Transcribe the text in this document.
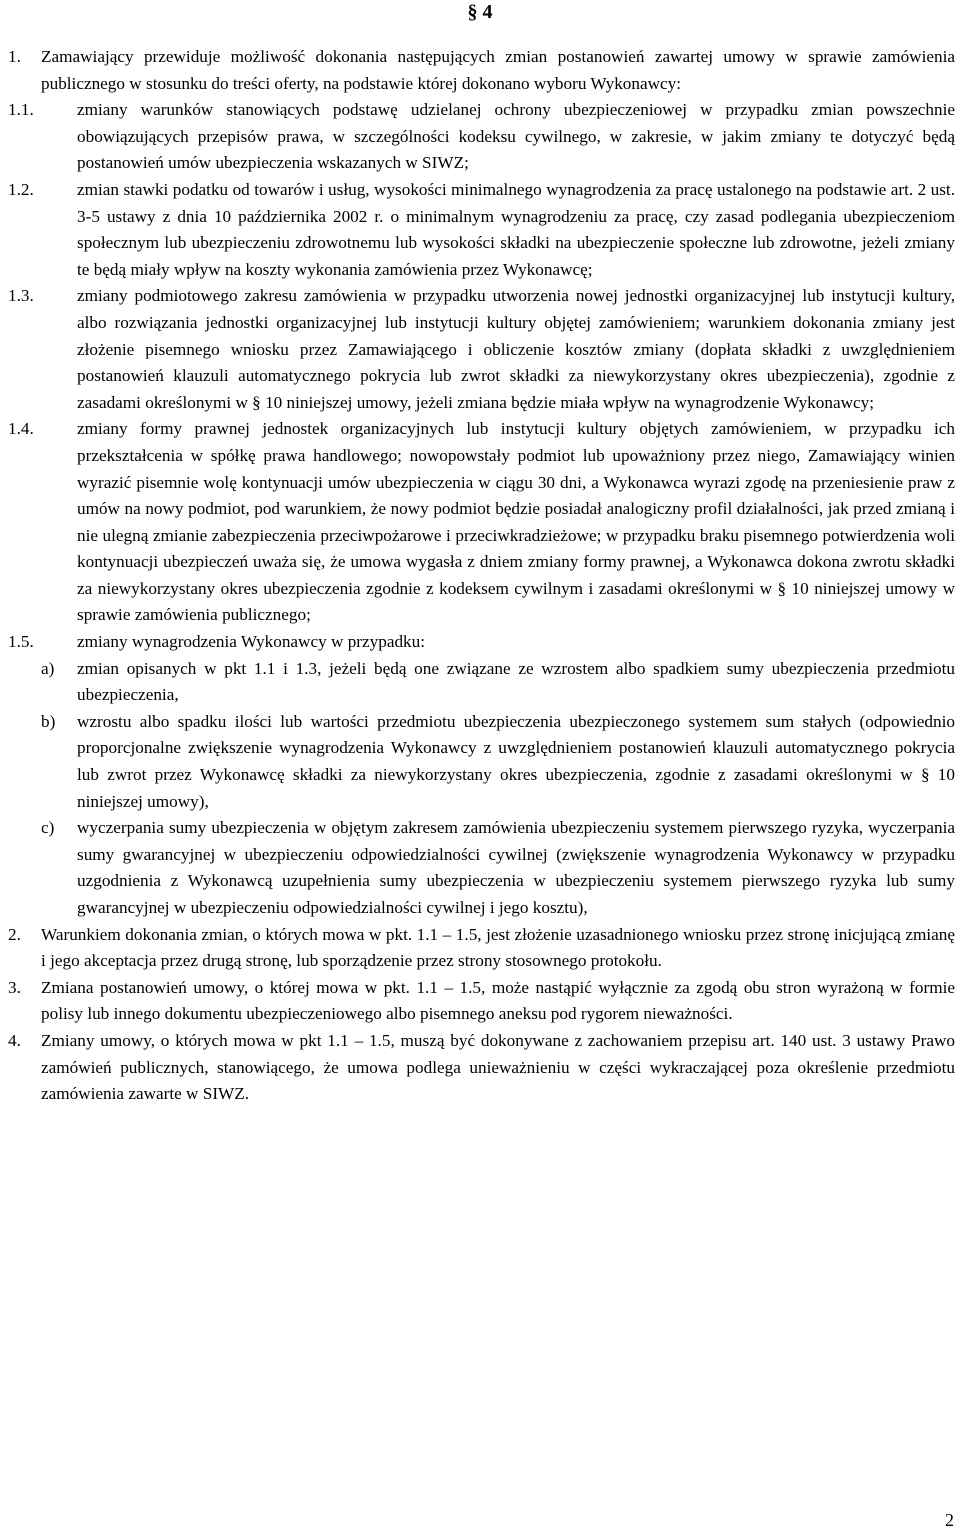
§ 4
1. Zamawiający przewiduje możliwość dokonania następujących zmian postanowień zawartej umowy w sprawie zamówienia publicznego w stosunku do treści oferty, na podstawie której dokonano wyboru Wykonawcy:
1.1.	zmiany warunków stanowiących podstawę udzielanej ochrony ubezpieczeniowej w przypadku zmian powszechnie obowiązujących przepisów prawa, w szczególności kodeksu cywilnego, w zakresie, w jakim zmiany te dotyczyć będą postanowień umów ubezpieczenia wskazanych w SIWZ;
1.2.	zmian stawki podatku od towarów i usług, wysokości minimalnego wynagrodzenia za pracę ustalonego na podstawie art. 2 ust. 3-5 ustawy z dnia 10 października 2002 r. o minimalnym wynagrodzeniu za pracę, czy zasad podlegania ubezpieczeniom społecznym lub ubezpieczeniu zdrowotnemu lub wysokości składki na ubezpieczenie społeczne lub zdrowotne, jeżeli zmiany te będą miały wpływ na koszty wykonania zamówienia przez Wykonawcę;
1.3.	zmiany podmiotowego zakresu zamówienia w przypadku utworzenia nowej jednostki organizacyjnej lub instytucji kultury, albo rozwiązania jednostki organizacyjnej lub instytucji kultury objętej zamówieniem; warunkiem dokonania zmiany jest złożenie pisemnego wniosku przez Zamawiającego i obliczenie kosztów zmiany (dopłata składki z uwzględnieniem postanowień klauzuli automatycznego pokrycia lub zwrot składki za niewykorzystany okres ubezpieczenia), zgodnie z zasadami określonymi w § 10 niniejszej umowy, jeżeli zmiana będzie miała wpływ na wynagrodzenie Wykonawcy;
1.4.	zmiany formy prawnej jednostek organizacyjnych lub instytucji kultury objętych zamówieniem, w przypadku ich przekształcenia w spółkę prawa handlowego; nowopowstały podmiot lub upoważniony przez niego, Zamawiający winien wyrazić pisemnie wolę kontynuacji umów ubezpieczenia w ciągu 30 dni, a Wykonawca wyrazi zgodę na przeniesienie praw z umów na nowy podmiot, pod warunkiem, że nowy podmiot będzie posiadał analogiczny profil działalności, jak przed zmianą i nie ulegną zmianie zabezpieczenia przeciwpożarowe i przeciwkradzieżowe; w przypadku braku pisemnego potwierdzenia woli kontynuacji ubezpieczeń uważa się, że umowa wygasła z dniem zmiany formy prawnej, a Wykonawca dokona zwrotu składki za niewykorzystany okres ubezpieczenia zgodnie z kodeksem cywilnym i zasadami określonymi w § 10 niniejszej umowy w sprawie zamówienia publicznego;
1.5.	zmiany wynagrodzenia Wykonawcy w przypadku:
a) zmian opisanych w pkt 1.1 i 1.3, jeżeli będą one związane ze wzrostem albo spadkiem sumy ubezpieczenia przedmiotu ubezpieczenia,
b) wzrostu albo spadku ilości lub wartości przedmiotu ubezpieczenia ubezpieczonego systemem sum stałych (odpowiednio proporcjonalne zwiększenie wynagrodzenia Wykonawcy z uwzględnieniem postanowień klauzuli automatycznego pokrycia lub zwrot przez Wykonawcę składki za niewykorzystany okres ubezpieczenia, zgodnie z zasadami określonymi w § 10 niniejszej umowy),
c) wyczerpania sumy ubezpieczenia w objętym zakresem zamówienia ubezpieczeniu systemem pierwszego ryzyka, wyczerpania sumy gwarancyjnej w ubezpieczeniu odpowiedzialności cywilnej (zwiększenie wynagrodzenia Wykonawcy w przypadku uzgodnienia z Wykonawcą uzupełnienia sumy ubezpieczenia w ubezpieczeniu systemem pierwszego ryzyka lub sumy gwarancyjnej w ubezpieczeniu odpowiedzialności cywilnej i jego kosztu),
2. Warunkiem dokonania zmian, o których mowa w pkt. 1.1 – 1.5, jest złożenie uzasadnionego wniosku przez stronę inicjującą zmianę i jego akceptacja przez drugą stronę, lub sporządzenie przez strony stosownego protokołu.
3. Zmiana postanowień umowy, o której mowa w pkt. 1.1 – 1.5, może nastąpić wyłącznie za zgodą obu stron wyrażoną w formie polisy lub innego dokumentu ubezpieczeniowego albo pisemnego aneksu pod rygorem nieważności.
4. Zmiany umowy, o których mowa w pkt 1.1 – 1.5, muszą być dokonywane z zachowaniem przepisu art. 140 ust. 3 ustawy Prawo zamówień publicznych, stanowiącego, że umowa podlega unieważnieniu w części wykraczającej poza określenie przedmiotu zamówienia zawarte w SIWZ.
2
